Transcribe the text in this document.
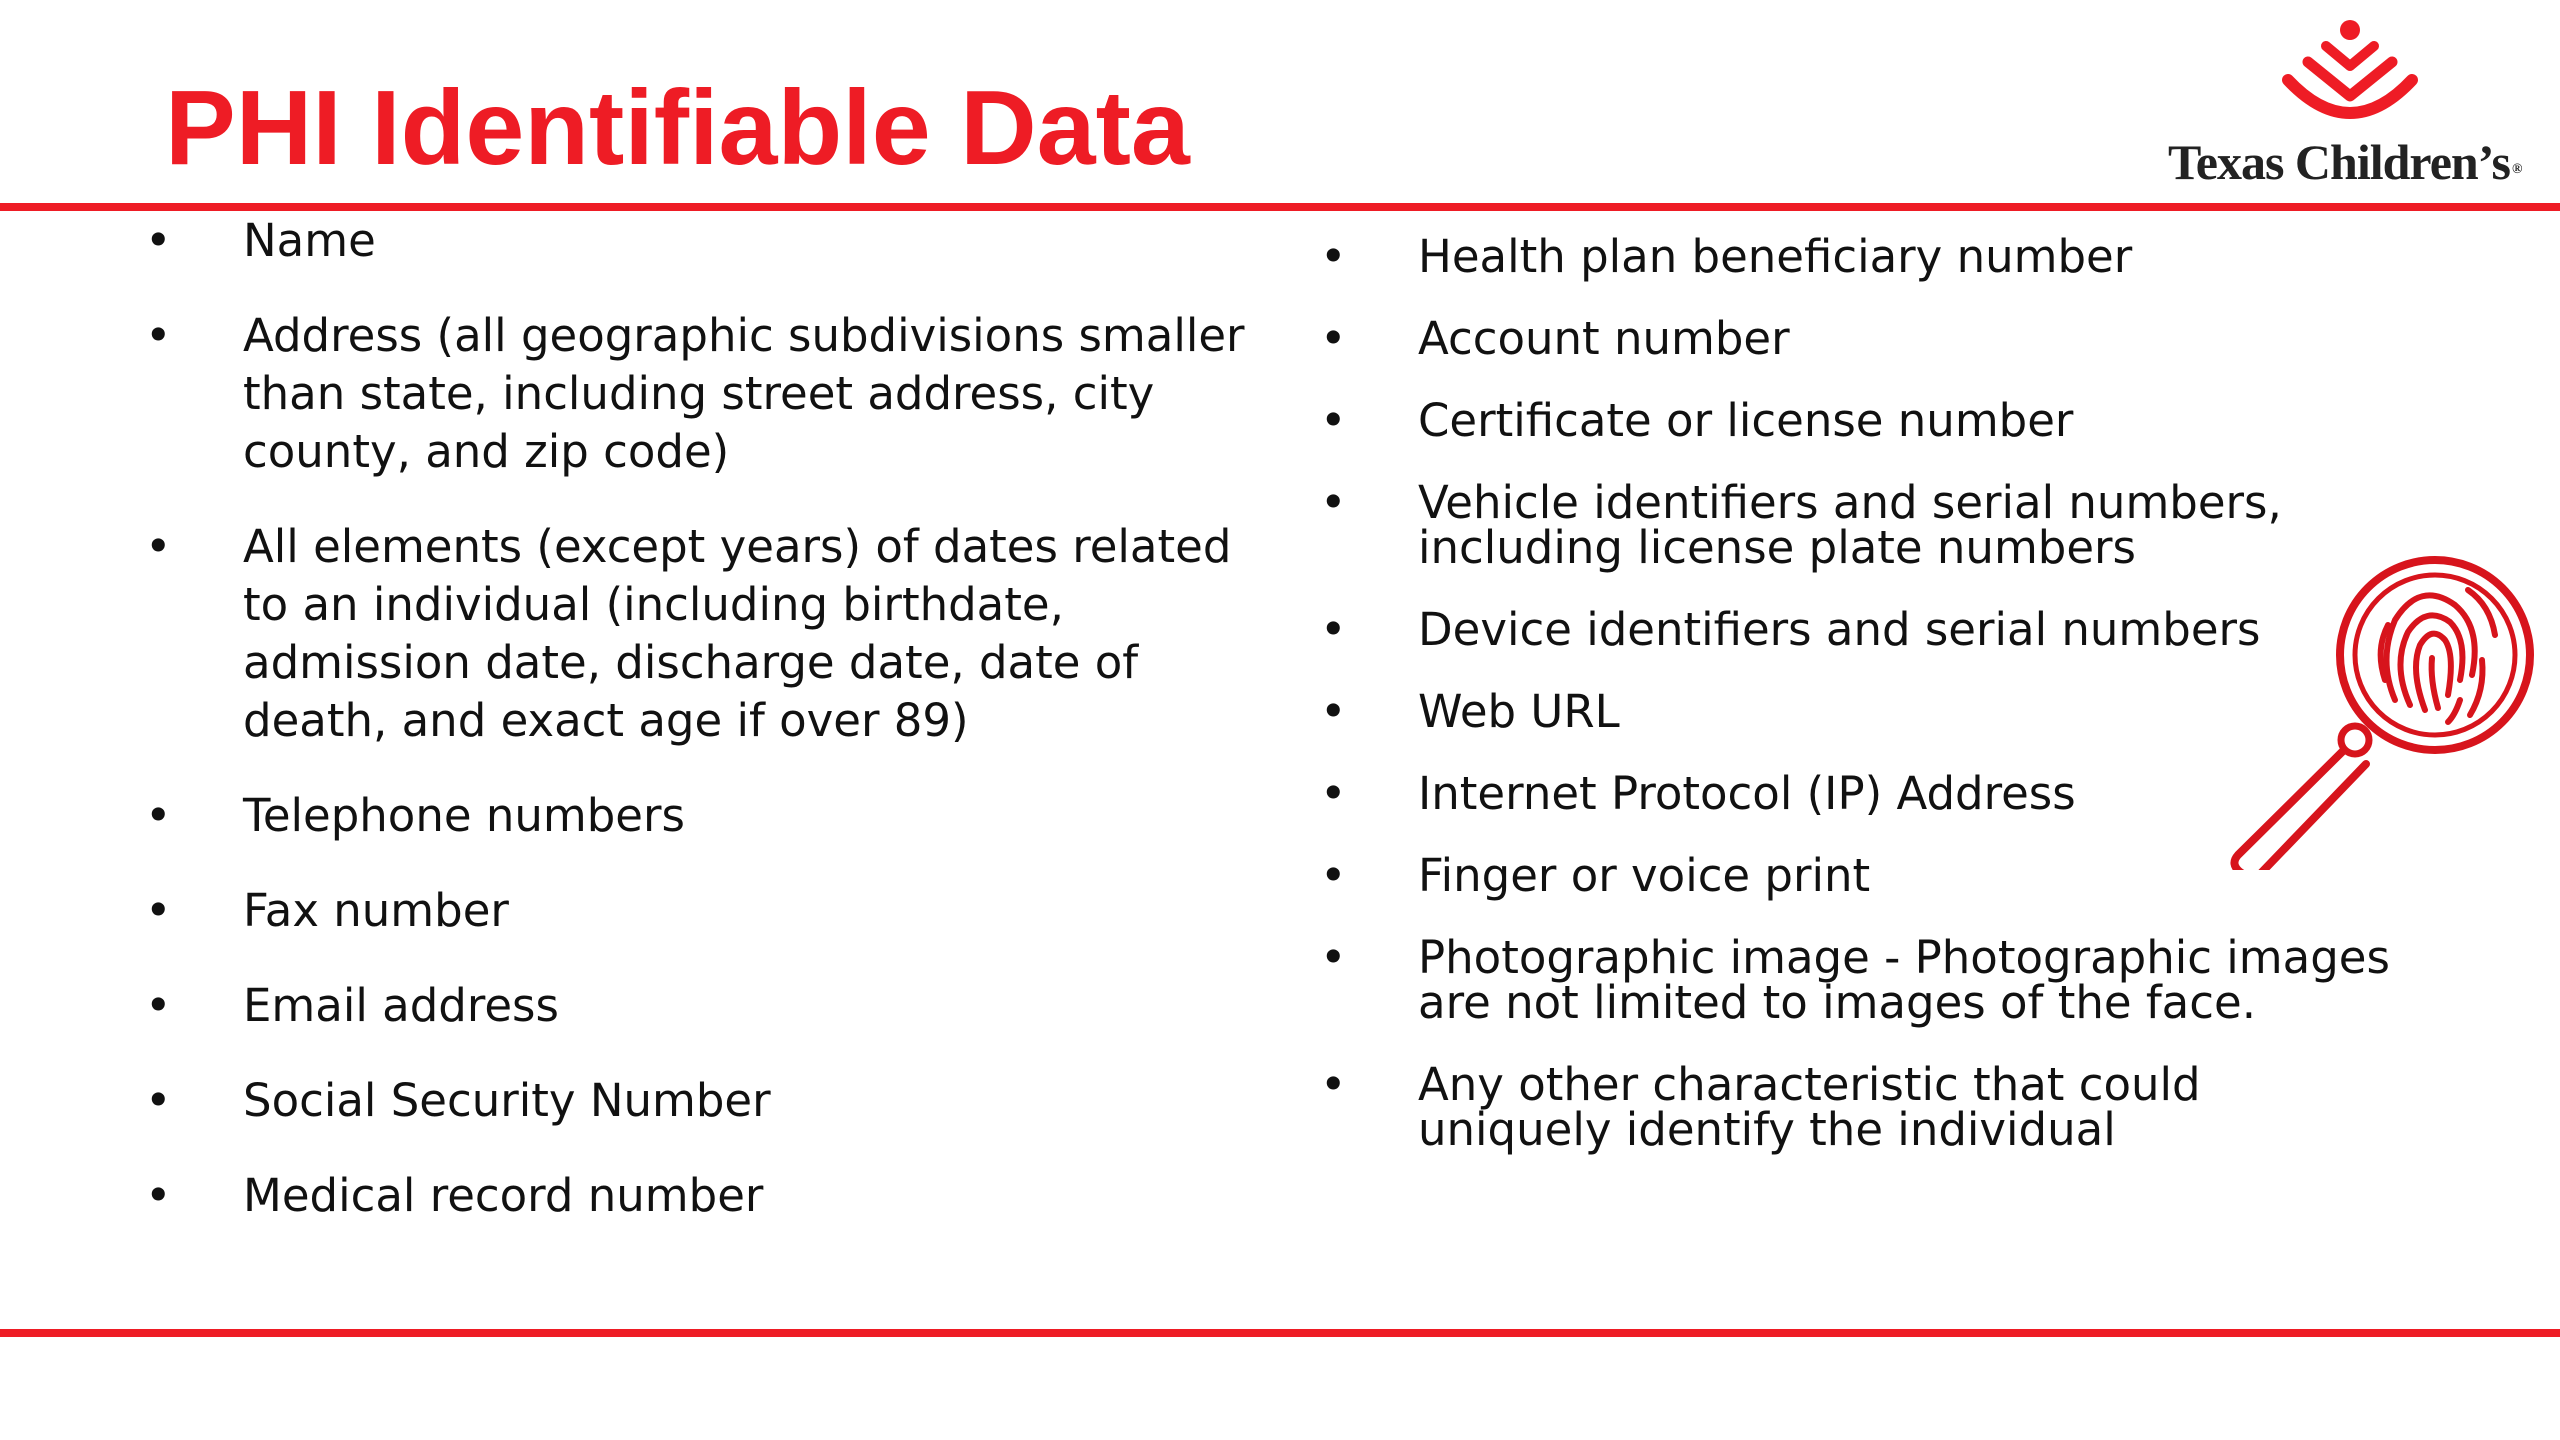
PHI Identifiable Data	Texas Children’s ®
• Name
• Address (all geographic subdivisions smaller than state, including street address, city county, and zip code)
• All elements (except years) of dates related to an individual (including birthdate, admission date, discharge date, date of death, and exact age if over 89)
• Telephone numbers
• Fax number
• Email address
• Social Security Number
• Medical record number
• Health plan beneficiary number
• Account number
• Certificate or license number
• Vehicle identifiers and serial numbers, including license plate numbers
• Device identifiers and serial numbers
• Web URL
• Internet Protocol (IP) Address
• Finger or voice print
• Photographic image - Photographic images are not limited to images of the face.
• Any other characteristic that could uniquely identify the individual
